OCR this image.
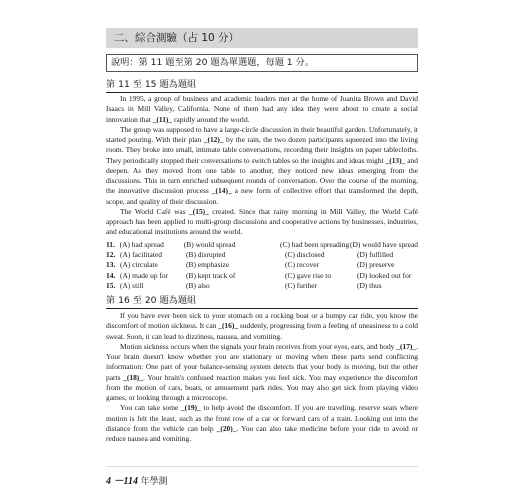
二、綜合測驗（占 10 分）
說明：第 11 題至第 20 題為單選題，每題 1 分。
第 11 至 15 題為題組

In 1995, a group of business and academic leaders met at the home of Juanita Brown and David Isaacs in Mill Valley, California. None of them had any idea they were about to create a social innovation that _(11)_ rapidly around the world.

The group was supposed to have a large-circle discussion in their beautiful garden. Unfortunately, it started pouring. With their plan _(12)_ by the rain, the two dozen participants squeezed into the living room. They broke into small, intimate table conversations, recording their insights on paper tablecloths. They periodically stopped their conversations to switch tables so the insights and ideas might _(13)_ and deepen. As they moved from one table to another, they noticed new ideas emerging from the discussions. This in turn enriched subsequent rounds of conversation. Over the course of the morning, the innovative discussion process _(14)_ a new form of collective effort that transformed the depth, scope, and quality of their discussion.

The World Café was _(15)_ created. Since that rainy morning in Mill Valley, the World Café approach has been applied to multi-group discussions and cooperative actions by businesses, industries, and educational institutions around the world.

11. (A) had spread	(B) would spread	(C) had been spreading (D) would have spread
12. (A) facilitated	(B) disrupted	(C) disclosed	(D) fulfilled
13. (A) circulate	(B) emphasize	(C) recover	(D) preserve
14. (A) made up for	(B) kept track of	(C) gave rise to	(D) looked out for
15. (A) still	(B) also	(C) further	(D) thus
第 16 至 20 題為題組

If you have ever been sick to your stomach on a rocking boat or a bumpy car ride, you know the discomfort of motion sickness. It can _(16)_ suddenly, progressing from a feeling of uneasiness to a cold sweat. Soon, it can lead to dizziness, nausea, and vomiting.

Motion sickness occurs when the signals your brain receives from your eyes, ears, and body _(17)_. Your brain doesn't know whether you are stationary or moving when these parts send conflicting information: One part of your balance-sensing system detects that your body is moving, but the other parts _(18)_. Your brain's confused reaction makes you feel sick. You may experience the discomfort from the motion of cars, boats, or amusement park rides. You may also get sick from playing video games, or looking through a microscope.

You can take some _(19)_ to help avoid the discomfort. If you are traveling, reserve seats where motion is felt the least, such as the front row of a car or forward cars of a train. Looking out into the distance from the vehicle can help _(20)_. You can also take medicine before your ride to avoid or reduce nausea and vomiting.

4 －114 年學測
